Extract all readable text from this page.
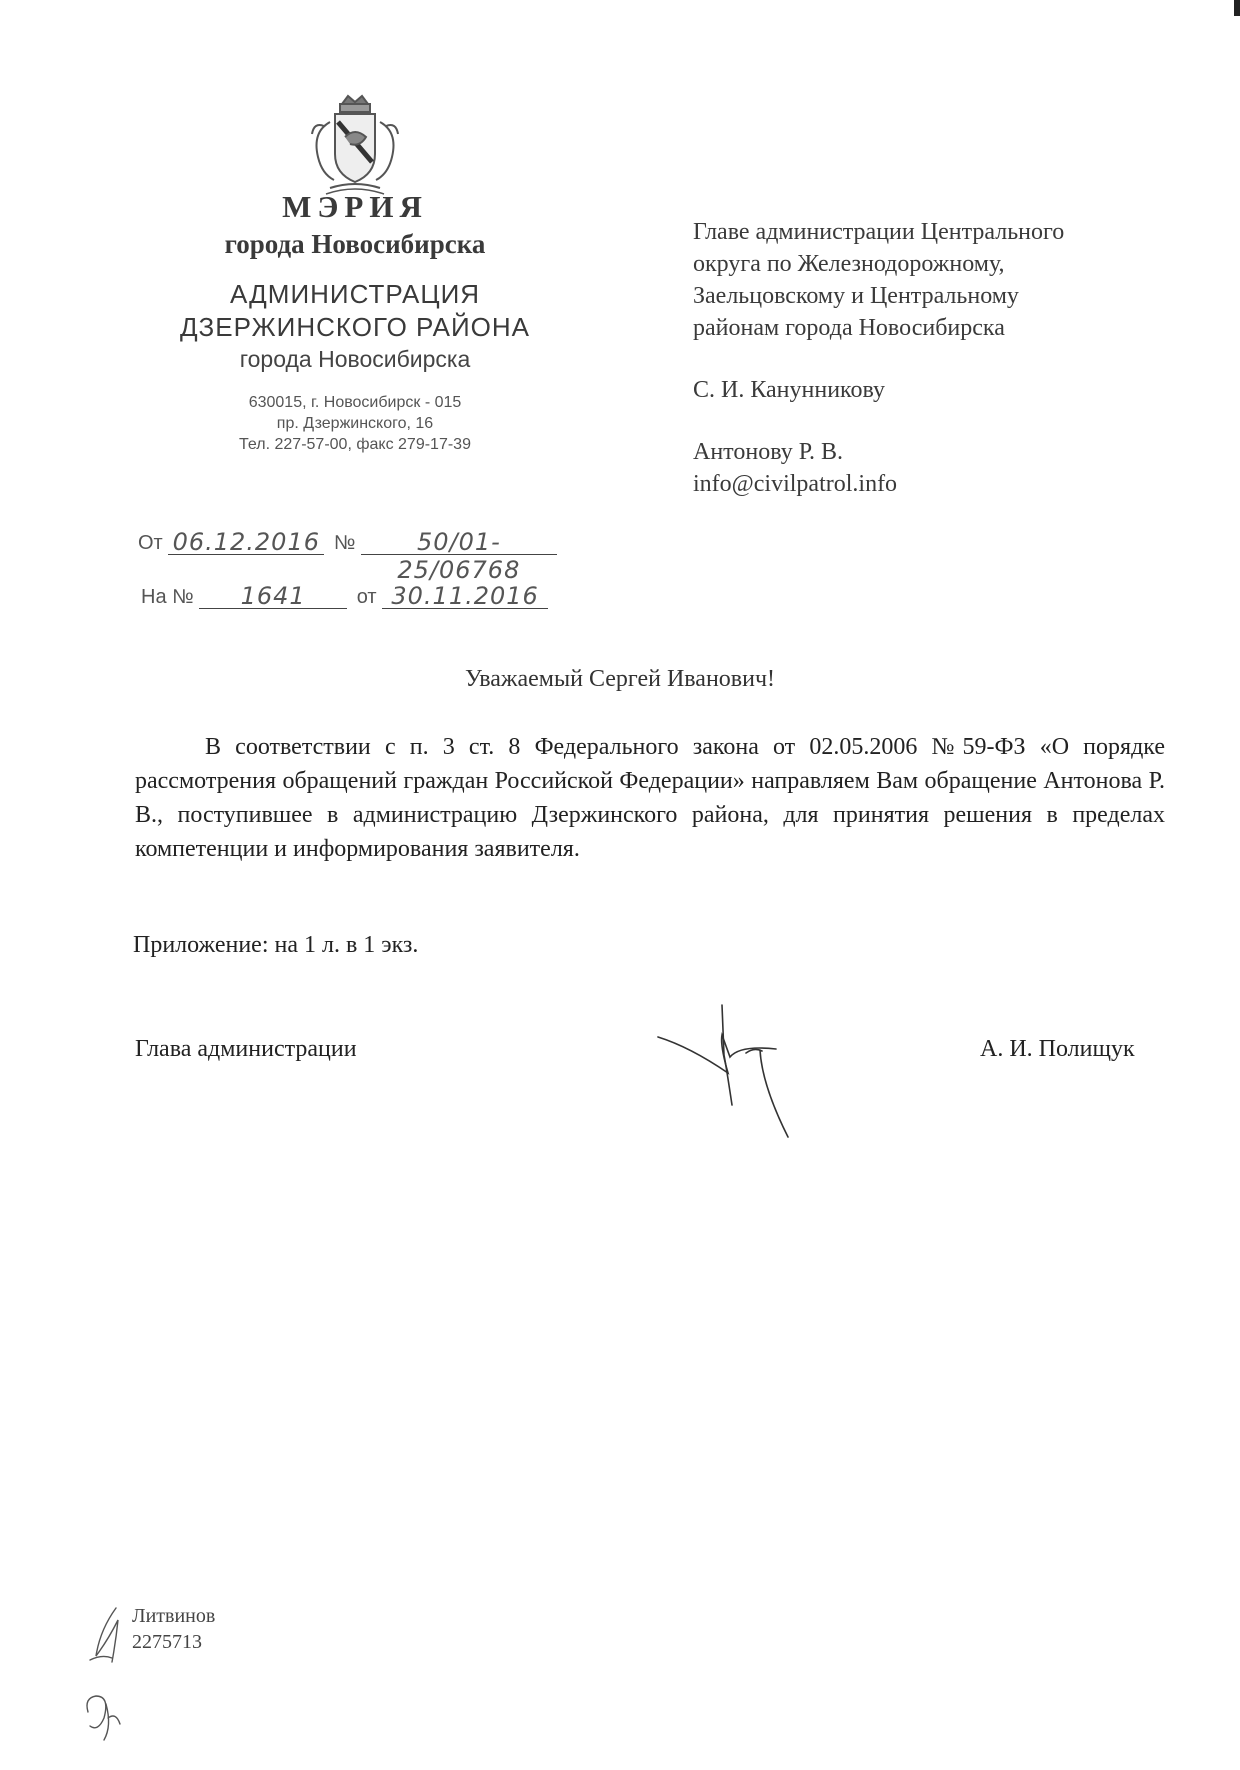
МЭРИЯ
города Новосибирска
АДМИНИСТРАЦИЯ
ДЗЕРЖИНСКОГО РАЙОНА
города Новосибирска
630015, г. Новосибирск - 015
пр. Дзержинского, 16
Тел. 227-57-00, факс 279-17-39
От 06.12.2016 №	50/01-25/06768
На № 1641	от 30.11.2016
Главе администрации Центрального
округа по Железнодорожному,
Заельцовскому и Центральному
районам города Новосибирска
С. И. Канунникову
Антонову Р. В.
info@civilpatrol.info
Уважаемый Сергей Иванович!
В соответствии с п. 3 ст. 8 Федерального закона от 02.05.2006 №59-ФЗ «О порядке рассмотрения обращений граждан Российской Федерации» направляем Вам обращение Антонова Р. В., поступившее в администрацию Дзержинского района, для принятия решения в пределах компетенции и информирования заявителя.
Приложение: на 1 л. в 1 экз.
Глава администрации	А. И. Полищук
Литвинов
2275713
